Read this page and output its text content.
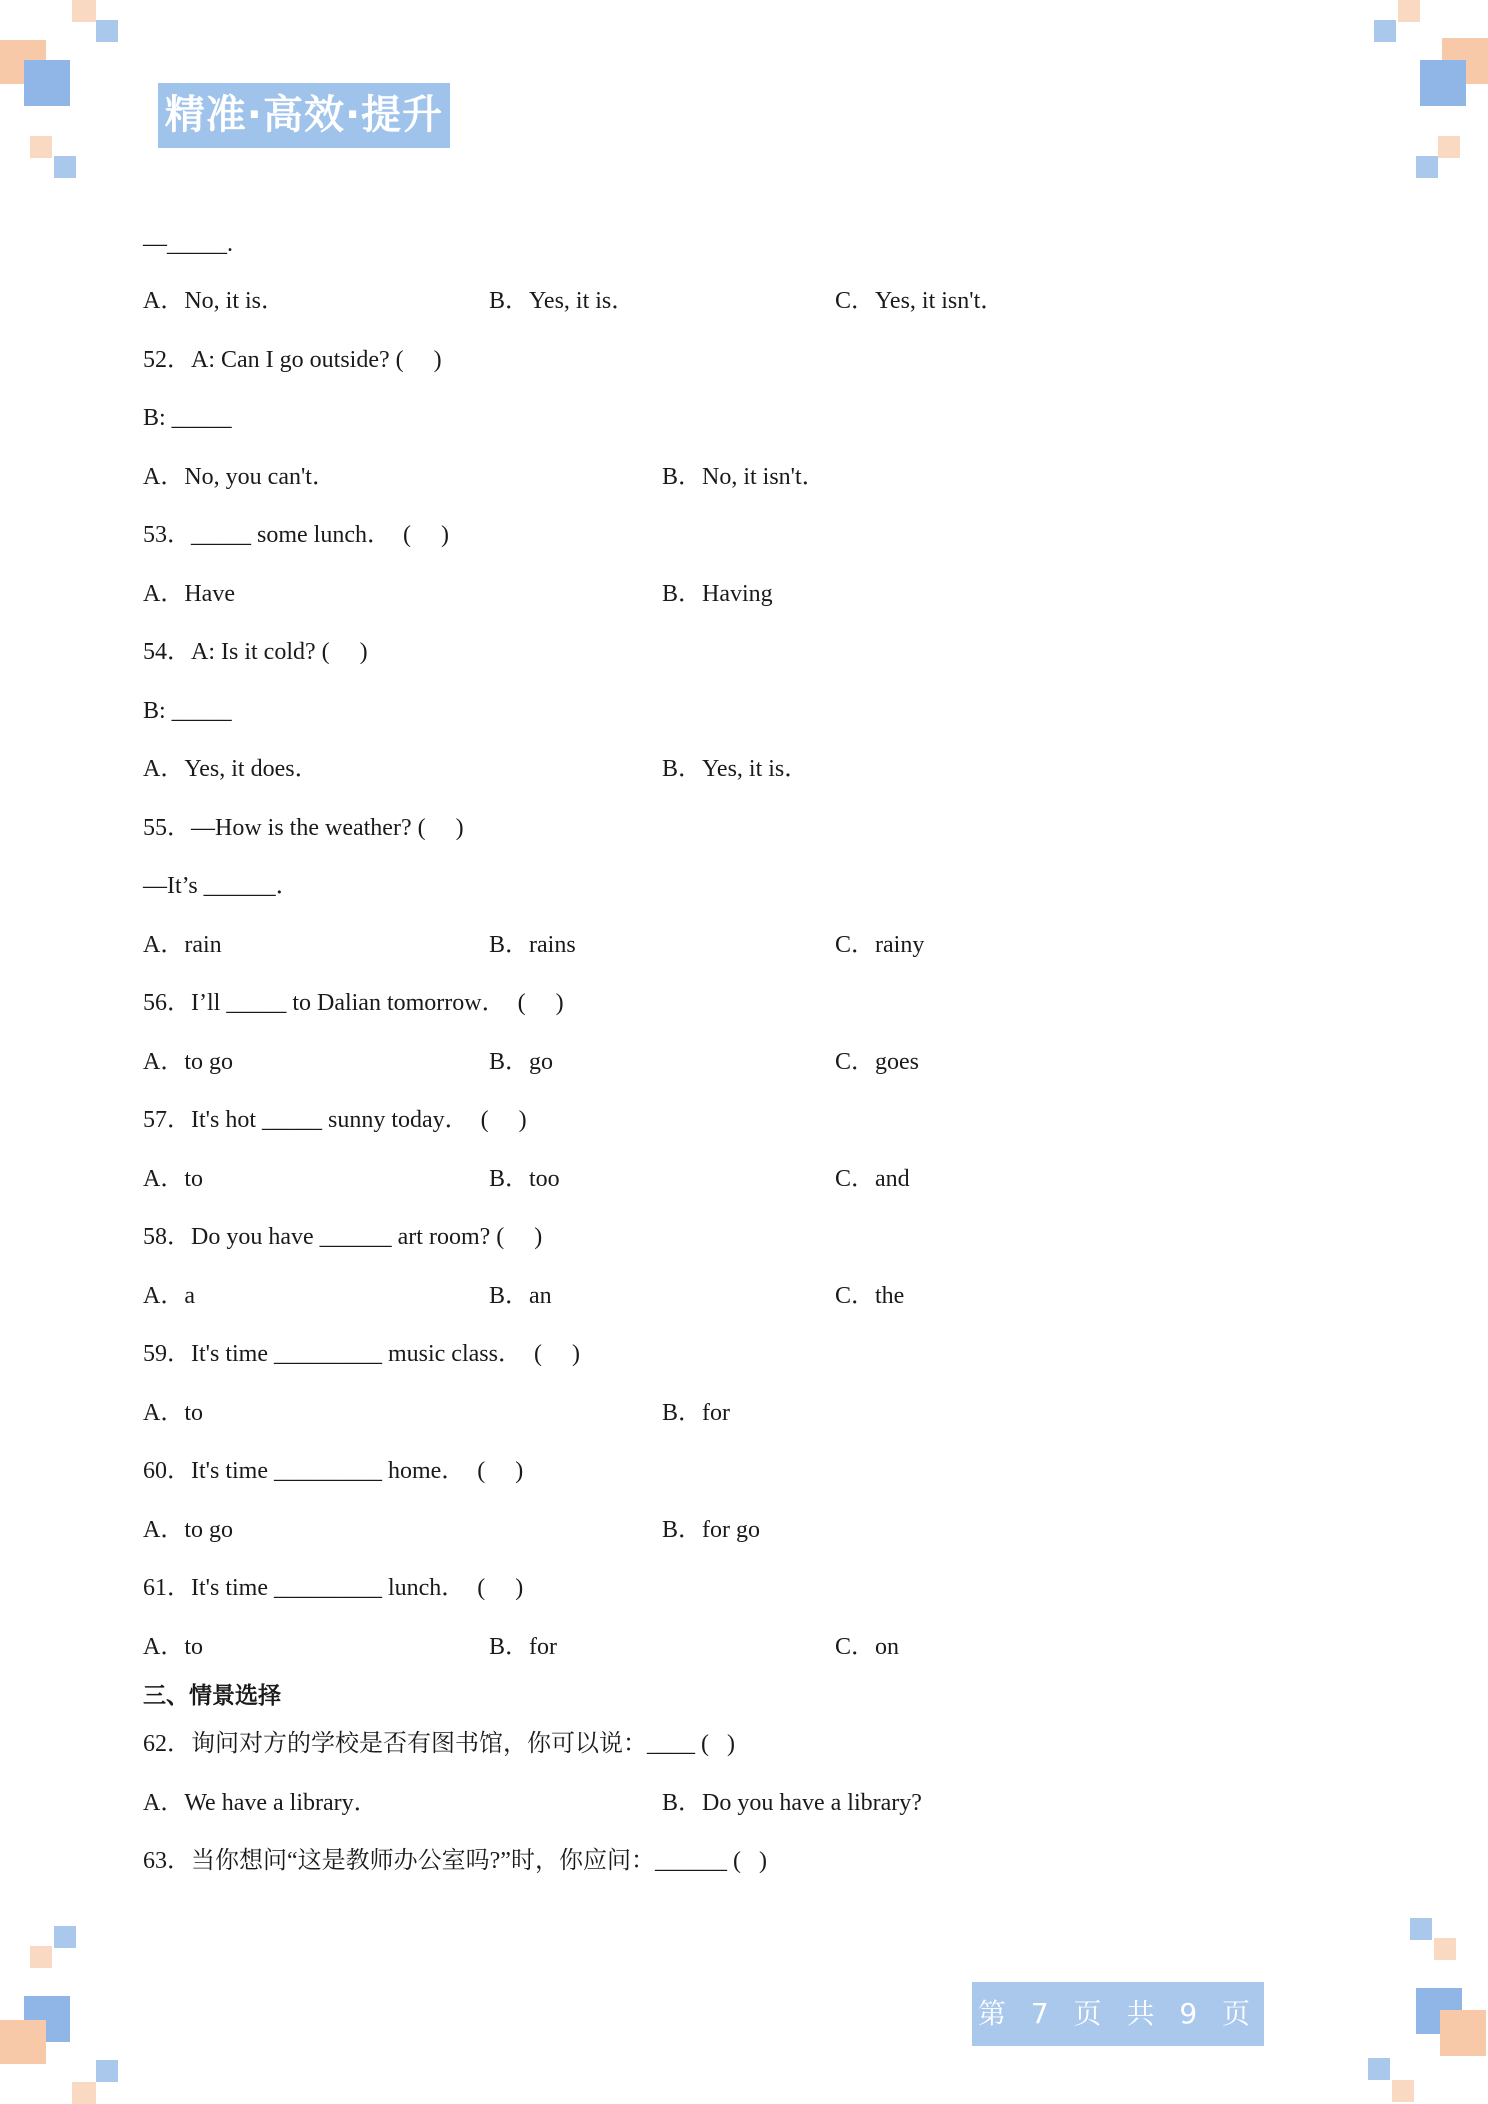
精准·高效·提升
—_____.
A．No, it is．	B．Yes, it is．	C．Yes, it isn't．
52．A: Can I go outside? (     )
B: _____
A．No, you can't．	B．No, it isn't．
53．_____ some lunch．  (     )
A．Have	B．Having
54．A: Is it cold? (     )
B: _____
A．Yes, it does．	B．Yes, it is．
55．—How is the weather? (     )
—It’s ______．
A．rain	B．rains	C．rainy
56．I’ll _____ to Dalian tomorrow．  (     )
A．to go	B．go	C．goes
57．It's hot _____ sunny today．  (     )
A．to	B．too	C．and
58．Do you have ______ art room? (     )
A．a	B．an	C．the
59．It's time _________ music class．  (     )
A．to	B．for
60．It's time _________ home．  (     )
A．to go	B．for go
61．It's time _________ lunch．  (     )
A．to	B．for	C．on
三、情景选择
62．询问对方的学校是否有图书馆，你可以说：____ (   )
A．We have a library．	B．Do you have a library?
63．当你想问“这是教师办公室吗?”时，你应问：______ (   )
第 7 页 共 9 页
